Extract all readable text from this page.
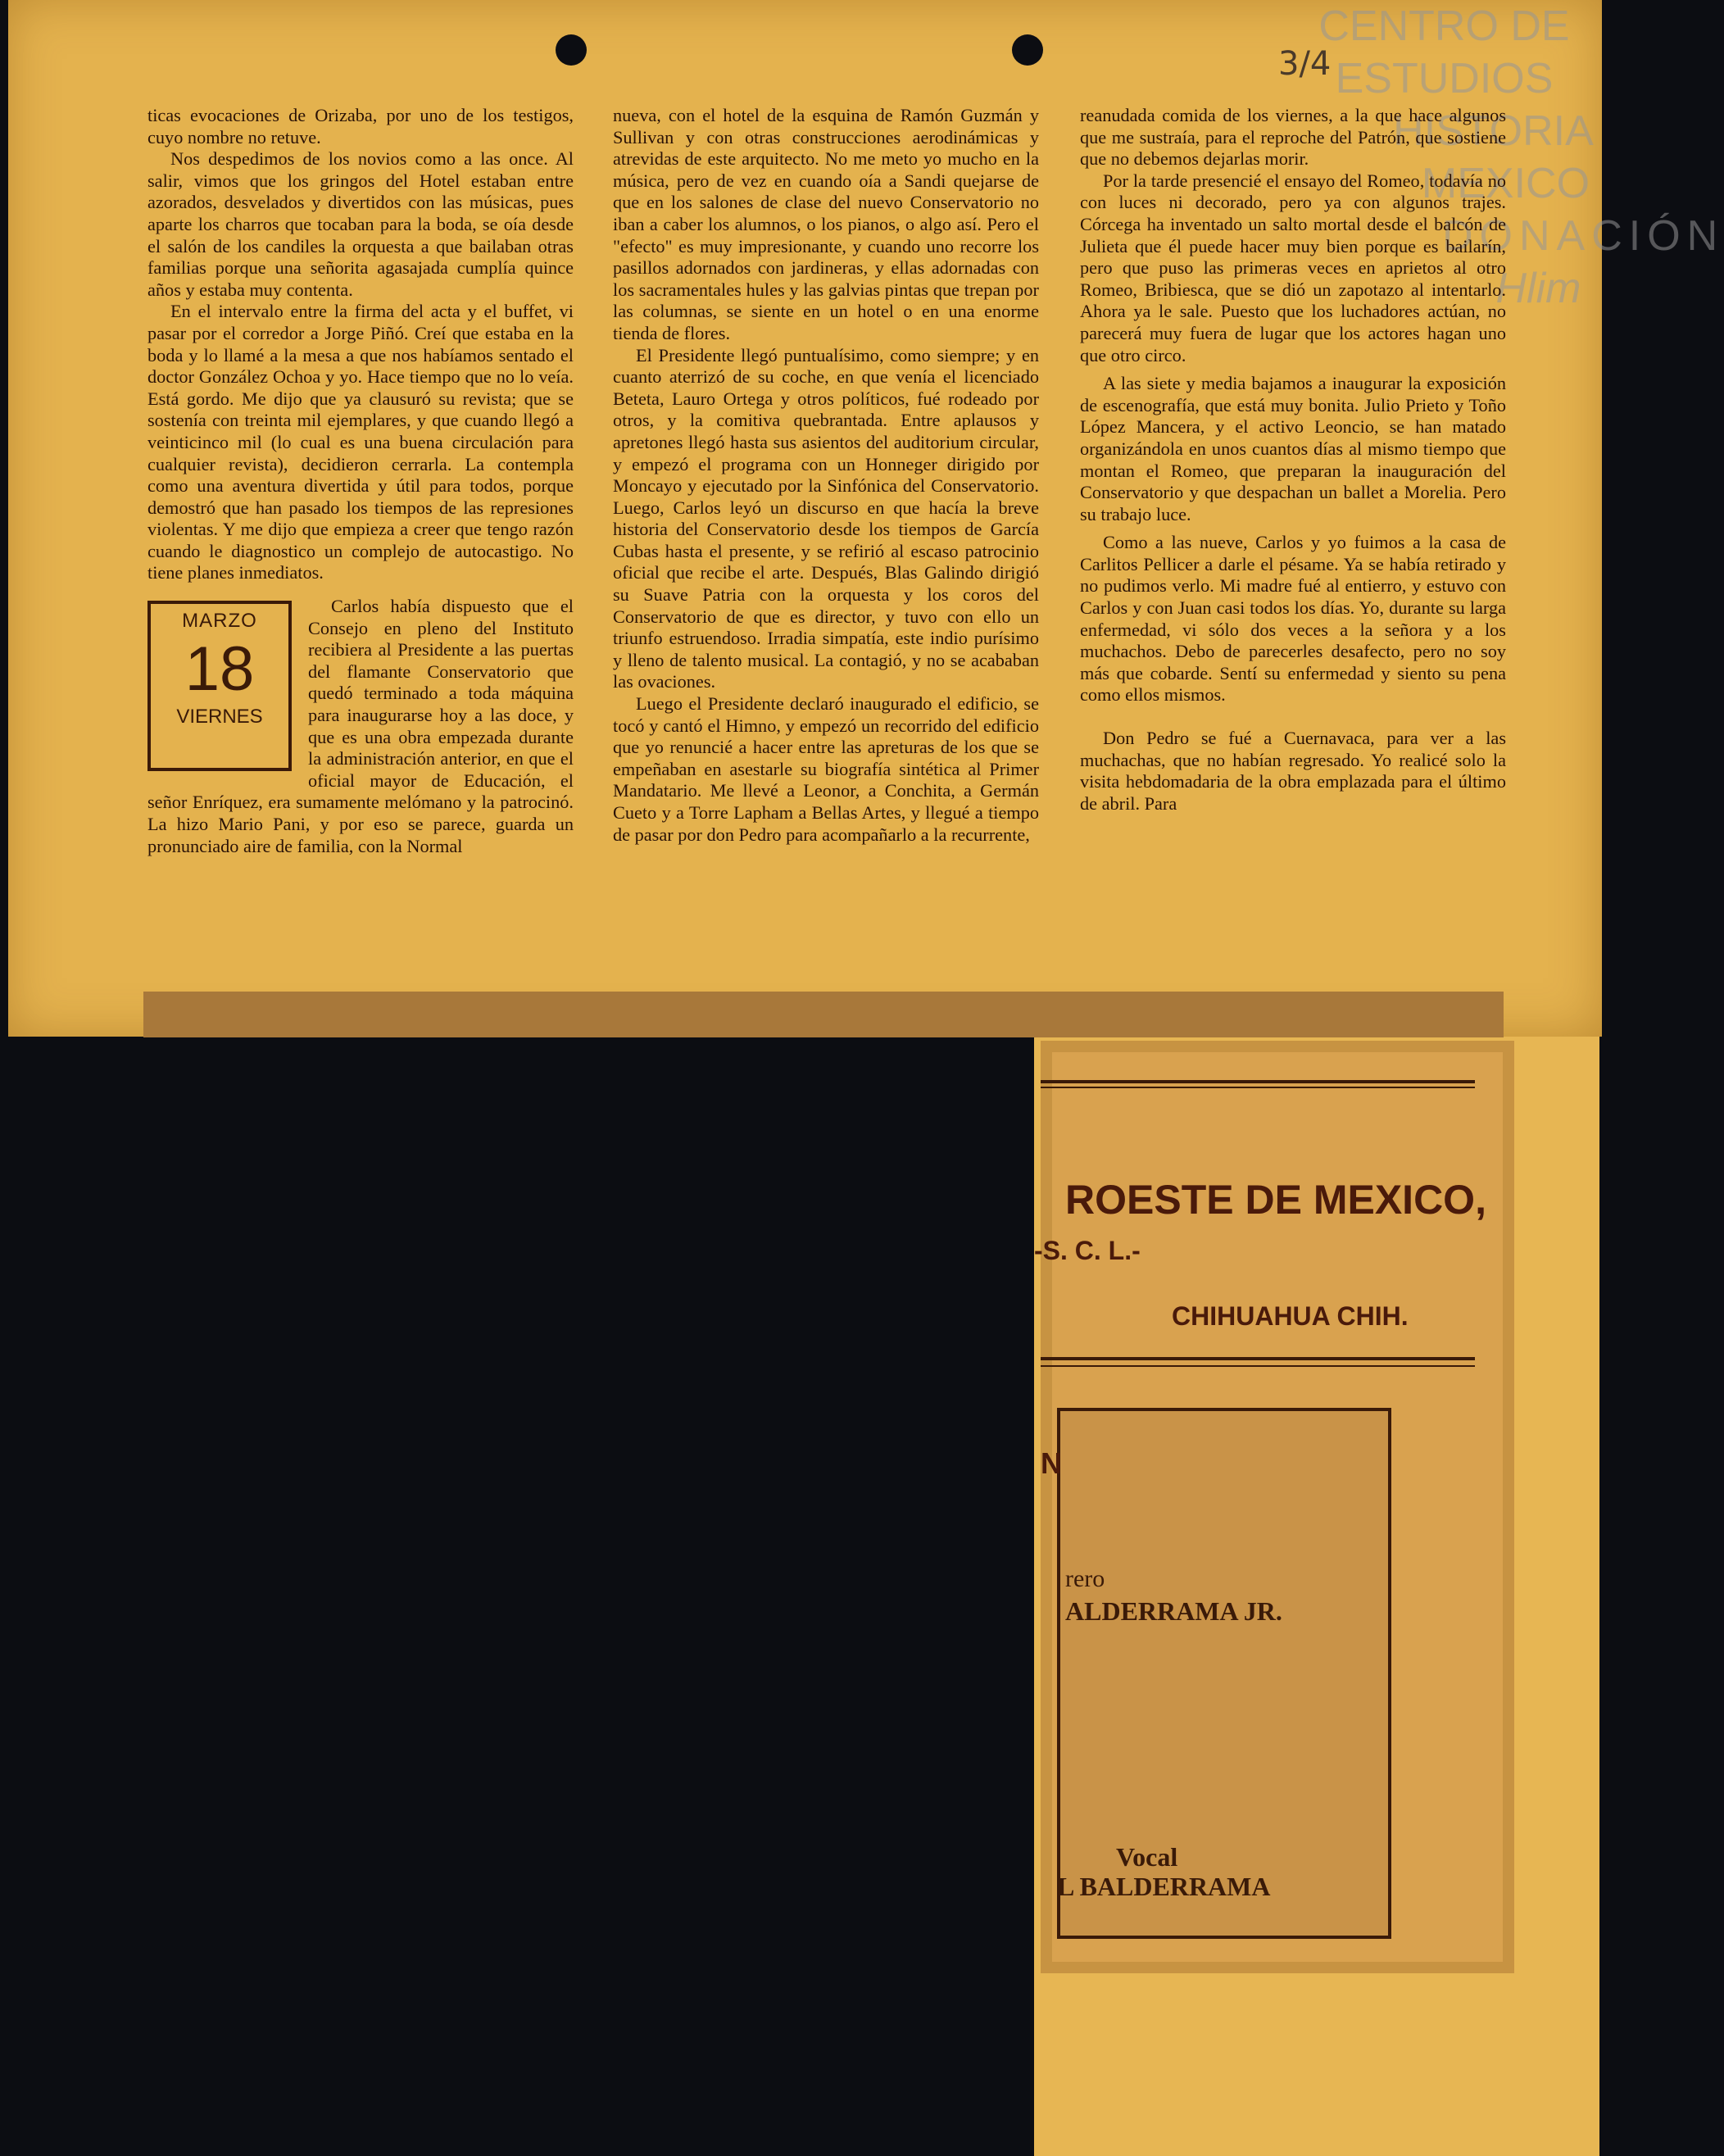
ROESTE DE MEXICO,
-S. C. L.-
CHIHUAHUA CHIH.
N
rero
ALDERRAMA JR.
Vocal
L BALDERRAMA
CENTRO DE
ESTUDIOS
HISTORIA
MEXICO
DONACIÓN
Hlim
3/4

ticas evocaciones de Orizaba, por uno de los testigos, cuyo nombre no retuve.

Nos despedimos de los novios como a las once. Al salir, vimos que los gringos del Hotel estaban entre azorados, desvelados y divertidos con las músicas, pues aparte los charros que tocaban para la boda, se oía desde el salón de los candiles la orquesta a que bailaban otras familias porque una señorita agasajada cumplía quince años y estaba muy contenta.

En el intervalo entre la firma del acta y el buffet, vi pasar por el corredor a Jorge Piñó. Creí que estaba en la boda y lo llamé a la mesa a que nos habíamos sentado el doctor González Ochoa y yo. Hace tiempo que no lo veía. Está gordo. Me dijo que ya clausuró su revista; que se sostenía con treinta mil ejemplares, y que cuando llegó a veinticinco mil (lo cual es una buena circulación para cualquier revista), decidieron cerrarla. La contempla como una aventura divertida y útil para todos, porque demostró que han pasado los tiempos de las represiones violentas. Y me dijo que empieza a creer que tengo razón cuando le diagnostico un complejo de autocastigo. No tiene planes inmediatos.

MARZO
18
VIERNES

Carlos había dispuesto que el Consejo en pleno del Instituto recibiera al Presidente a las puertas del flamante Conservatorio que quedó terminado a toda máquina para inaugurarse hoy a las doce, y que es una obra empezada durante la administración anterior, en que el oficial mayor de Educación, el señor Enríquez, era sumamente melómano y la patrocinó. La hizo Mario Pani, y por eso se parece, guarda un pronunciado aire de familia, con la Normal

nueva, con el hotel de la esquina de Ramón Guzmán y Sullivan y con otras construcciones aerodinámicas y atrevidas de este arquitecto. No me meto yo mucho en la música, pero de vez en cuando oía a Sandi quejarse de que en los salones de clase del nuevo Conservatorio no iban a caber los alumnos, o los pianos, o algo así. Pero el "efecto" es muy impresionante, y cuando uno recorre los pasillos adornados con jardineras, y ellas adornadas con los sacramentales hules y las galvias pintas que trepan por las columnas, se siente en un hotel o en una enorme tienda de flores.

El Presidente llegó puntualísimo, como siempre; y en cuanto aterrizó de su coche, en que venía el licenciado Beteta, Lauro Ortega y otros políticos, fué rodeado por otros, y la comitiva quebrantada. Entre aplausos y apretones llegó hasta sus asientos del auditorium circular, y empezó el programa con un Honneger dirigido por Moncayo y ejecutado por la Sinfónica del Conservatorio. Luego, Carlos leyó un discurso en que hacía la breve historia del Conservatorio desde los tiempos de García Cubas hasta el presente, y se refirió al escaso patrocinio oficial que recibe el arte. Después, Blas Galindo dirigió su Suave Patria con la orquesta y los coros del Conservatorio de que es director, y tuvo con ello un triunfo estruendoso. Irradia simpatía, este indio purísimo y lleno de talento musical. La contagió, y no se acababan las ovaciones.

Luego el Presidente declaró inaugurado el edificio, se tocó y cantó el Himno, y empezó un recorrido del edificio que yo renuncié a hacer entre las apreturas de los que se empeñaban en asestarle su biografía sintética al Primer Mandatario. Me llevé a Leonor, a Conchita, a Germán Cueto y a Torre Lapham a Bellas Artes, y llegué a tiempo de pasar por don Pedro para acompañarlo a la recurrente,

reanudada comida de los viernes, a la que hace algunos que me sustraía, para el reproche del Patrón, que sostiene que no debemos dejarlas morir.

Por la tarde presencié el ensayo del Romeo, todavía no con luces ni decorado, pero ya con algunos trajes. Córcega ha inventado un salto mortal desde el balcón de Julieta que él puede hacer muy bien porque es bailarín, pero que puso las primeras veces en aprietos al otro Romeo, Bribiesca, que se dió un zapotazo al intentarlo. Ahora ya le sale. Puesto que los luchadores actúan, no parecerá muy fuera de lugar que los actores hagan uno que otro circo.

A las siete y media bajamos a inaugurar la exposición de escenografía, que está muy bonita. Julio Prieto y Toño López Mancera, y el activo Leoncio, se han matado organizándola en unos cuantos días al mismo tiempo que montan el Romeo, que preparan la inauguración del Conservatorio y que despachan un ballet a Morelia. Pero su trabajo luce.

Como a las nueve, Carlos y yo fuimos a la casa de Carlitos Pellicer a darle el pésame. Ya se había retirado y no pudimos verlo. Mi madre fué al entierro, y estuvo con Carlos y con Juan casi todos los días. Yo, durante su larga enfermedad, vi sólo dos veces a la señora y a los muchachos. Debo de parecerles desafecto, pero no soy más que cobarde. Sentí su enfermedad y siento su pena como ellos mismos.

Don Pedro se fué a Cuernavaca, para ver a las muchachas, que no habían regresado. Yo realicé solo la visita hebdomadaria de la obra emplazada para el último de abril. Para
